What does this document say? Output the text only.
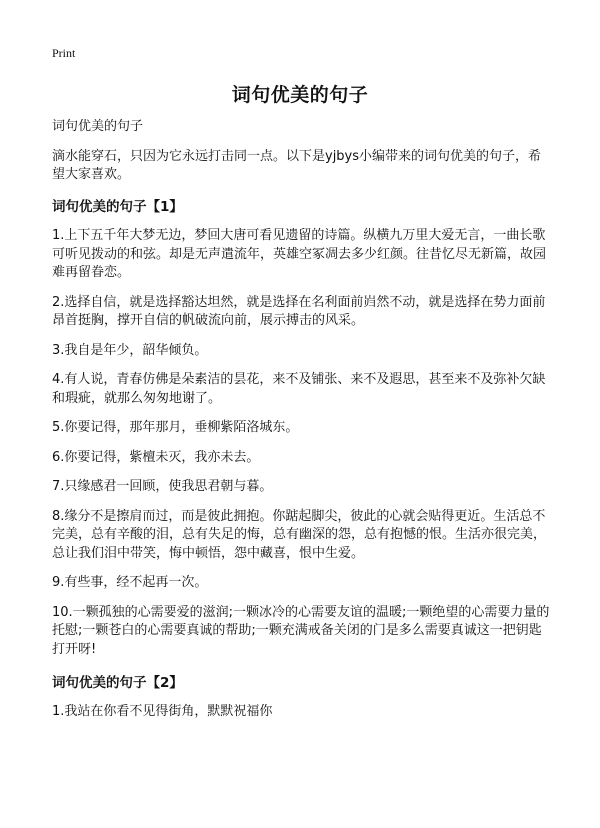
Print
词句优美的句子

词句优美的句子

滴水能穿石，只因为它永远打击同一点。以下是yjbys小编带来的词句优美的句子，希望大家喜欢。

词句优美的句子【1】

1.上下五千年大梦无边，梦回大唐可看见遗留的诗篇。纵横九万里大爱无言，一曲长歌可听见拨动的和弦。却是无声遣流年，英雄空冢凋去多少红颜。往昔忆尽无新篇，故园难再留眷恋。

2.选择自信，就是选择豁达坦然，就是选择在名利面前岿然不动，就是选择在势力面前昂首挺胸，撑开自信的帆破流向前，展示搏击的风采。

3.我自是年少，韶华倾负。

4.有人说，青春仿佛是朵素洁的昙花，来不及铺张、来不及遐思，甚至来不及弥补欠缺和瑕疵，就那么匆匆地谢了。

5.你要记得，那年那月，垂柳紫陌洛城东。

6.你要记得，紫檀未灭，我亦未去。

7.只缘感君一回顾，使我思君朝与暮。

8.缘分不是擦肩而过，而是彼此拥抱。你踮起脚尖，彼此的心就会贴得更近。生活总不完美，总有辛酸的泪，总有失足的悔，总有幽深的怨，总有抱憾的恨。生活亦很完美，总让我们泪中带笑，悔中顿悟，怨中藏喜，恨中生爱。

9.有些事，经不起再一次。

10.一颗孤独的心需要爱的滋润;一颗冰冷的心需要友谊的温暖;一颗绝望的心需要力量的托慰;一颗苍白的心需要真诚的帮助;一颗充满戒备关闭的门是多么需要真诚这一把钥匙打开呀!

词句优美的句子【2】

1.我站在你看不见得街角，默默祝福你
